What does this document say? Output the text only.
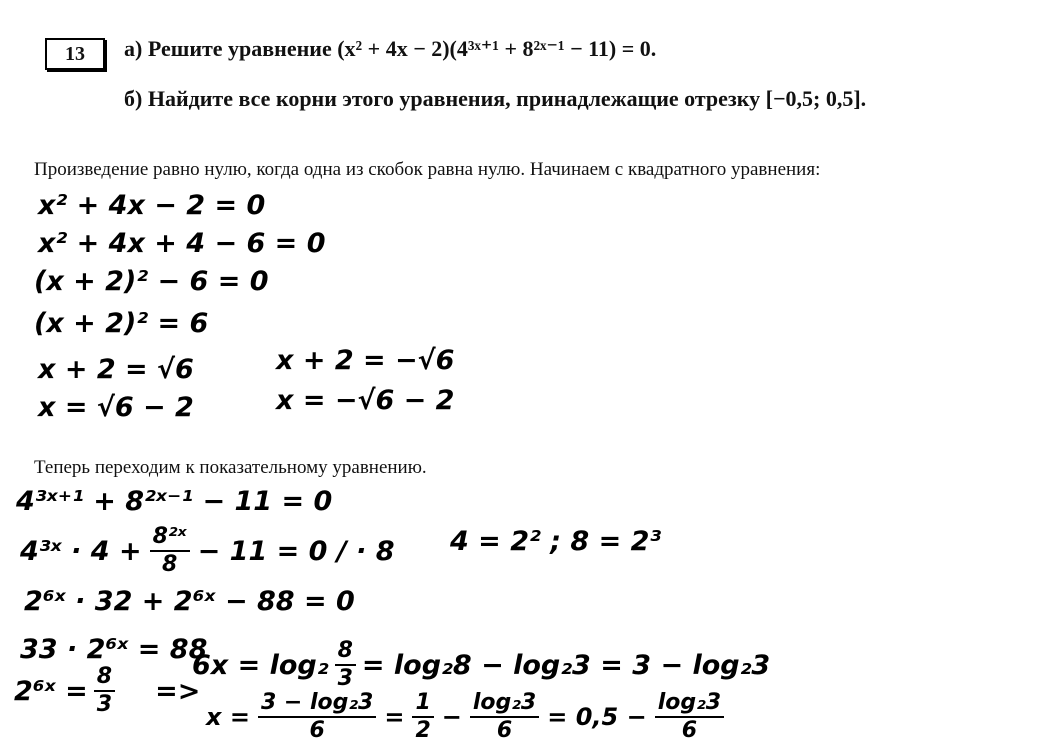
13 а) Решите уравнение (x² + 4x − 2)(4³ˣ⁺¹ + 8²ˣ⁻¹ − 11) = 0.
б) Найдите все корни этого уравнения, принадлежащие отрезку [−0,5; 0,5].
Произведение равно нулю, когда одна из скобок равна нулю. Начинаем с квадратного уравнения:
x² + 4x − 2 = 0
x² + 4x + 4 − 6 = 0
(x + 2)² − 6 = 0
(x + 2)² = 6
x + 2 = √6
x = √6 − 2
x + 2 = −√6
x = −√6 − 2
Теперь переходим к показательному уравнению.
4³ˣ⁺¹ + 8²ˣ⁻¹ − 11 = 0
4³ˣ · $4 + \frac{\text{8²ˣ}}{8} - 11 = 0$ / · 8 4 = 2² ; 8 = 2³
2⁶ˣ · 32 + 2⁶ˣ − 88 = 0
33 · 2⁶ˣ = 88
2⁶ˣ = $\frac{8}{3}$ =>
$6x = \log_2 \frac{8}{3} = \log_28 - \log_23 = 3 - \log_23$
$x = \frac{\text{3 − log₂3}}{6} = \frac{1}{2} - \frac{\text{log₂3}}{6} = 0,5 - \frac{\text{log₂3}}{6}$
